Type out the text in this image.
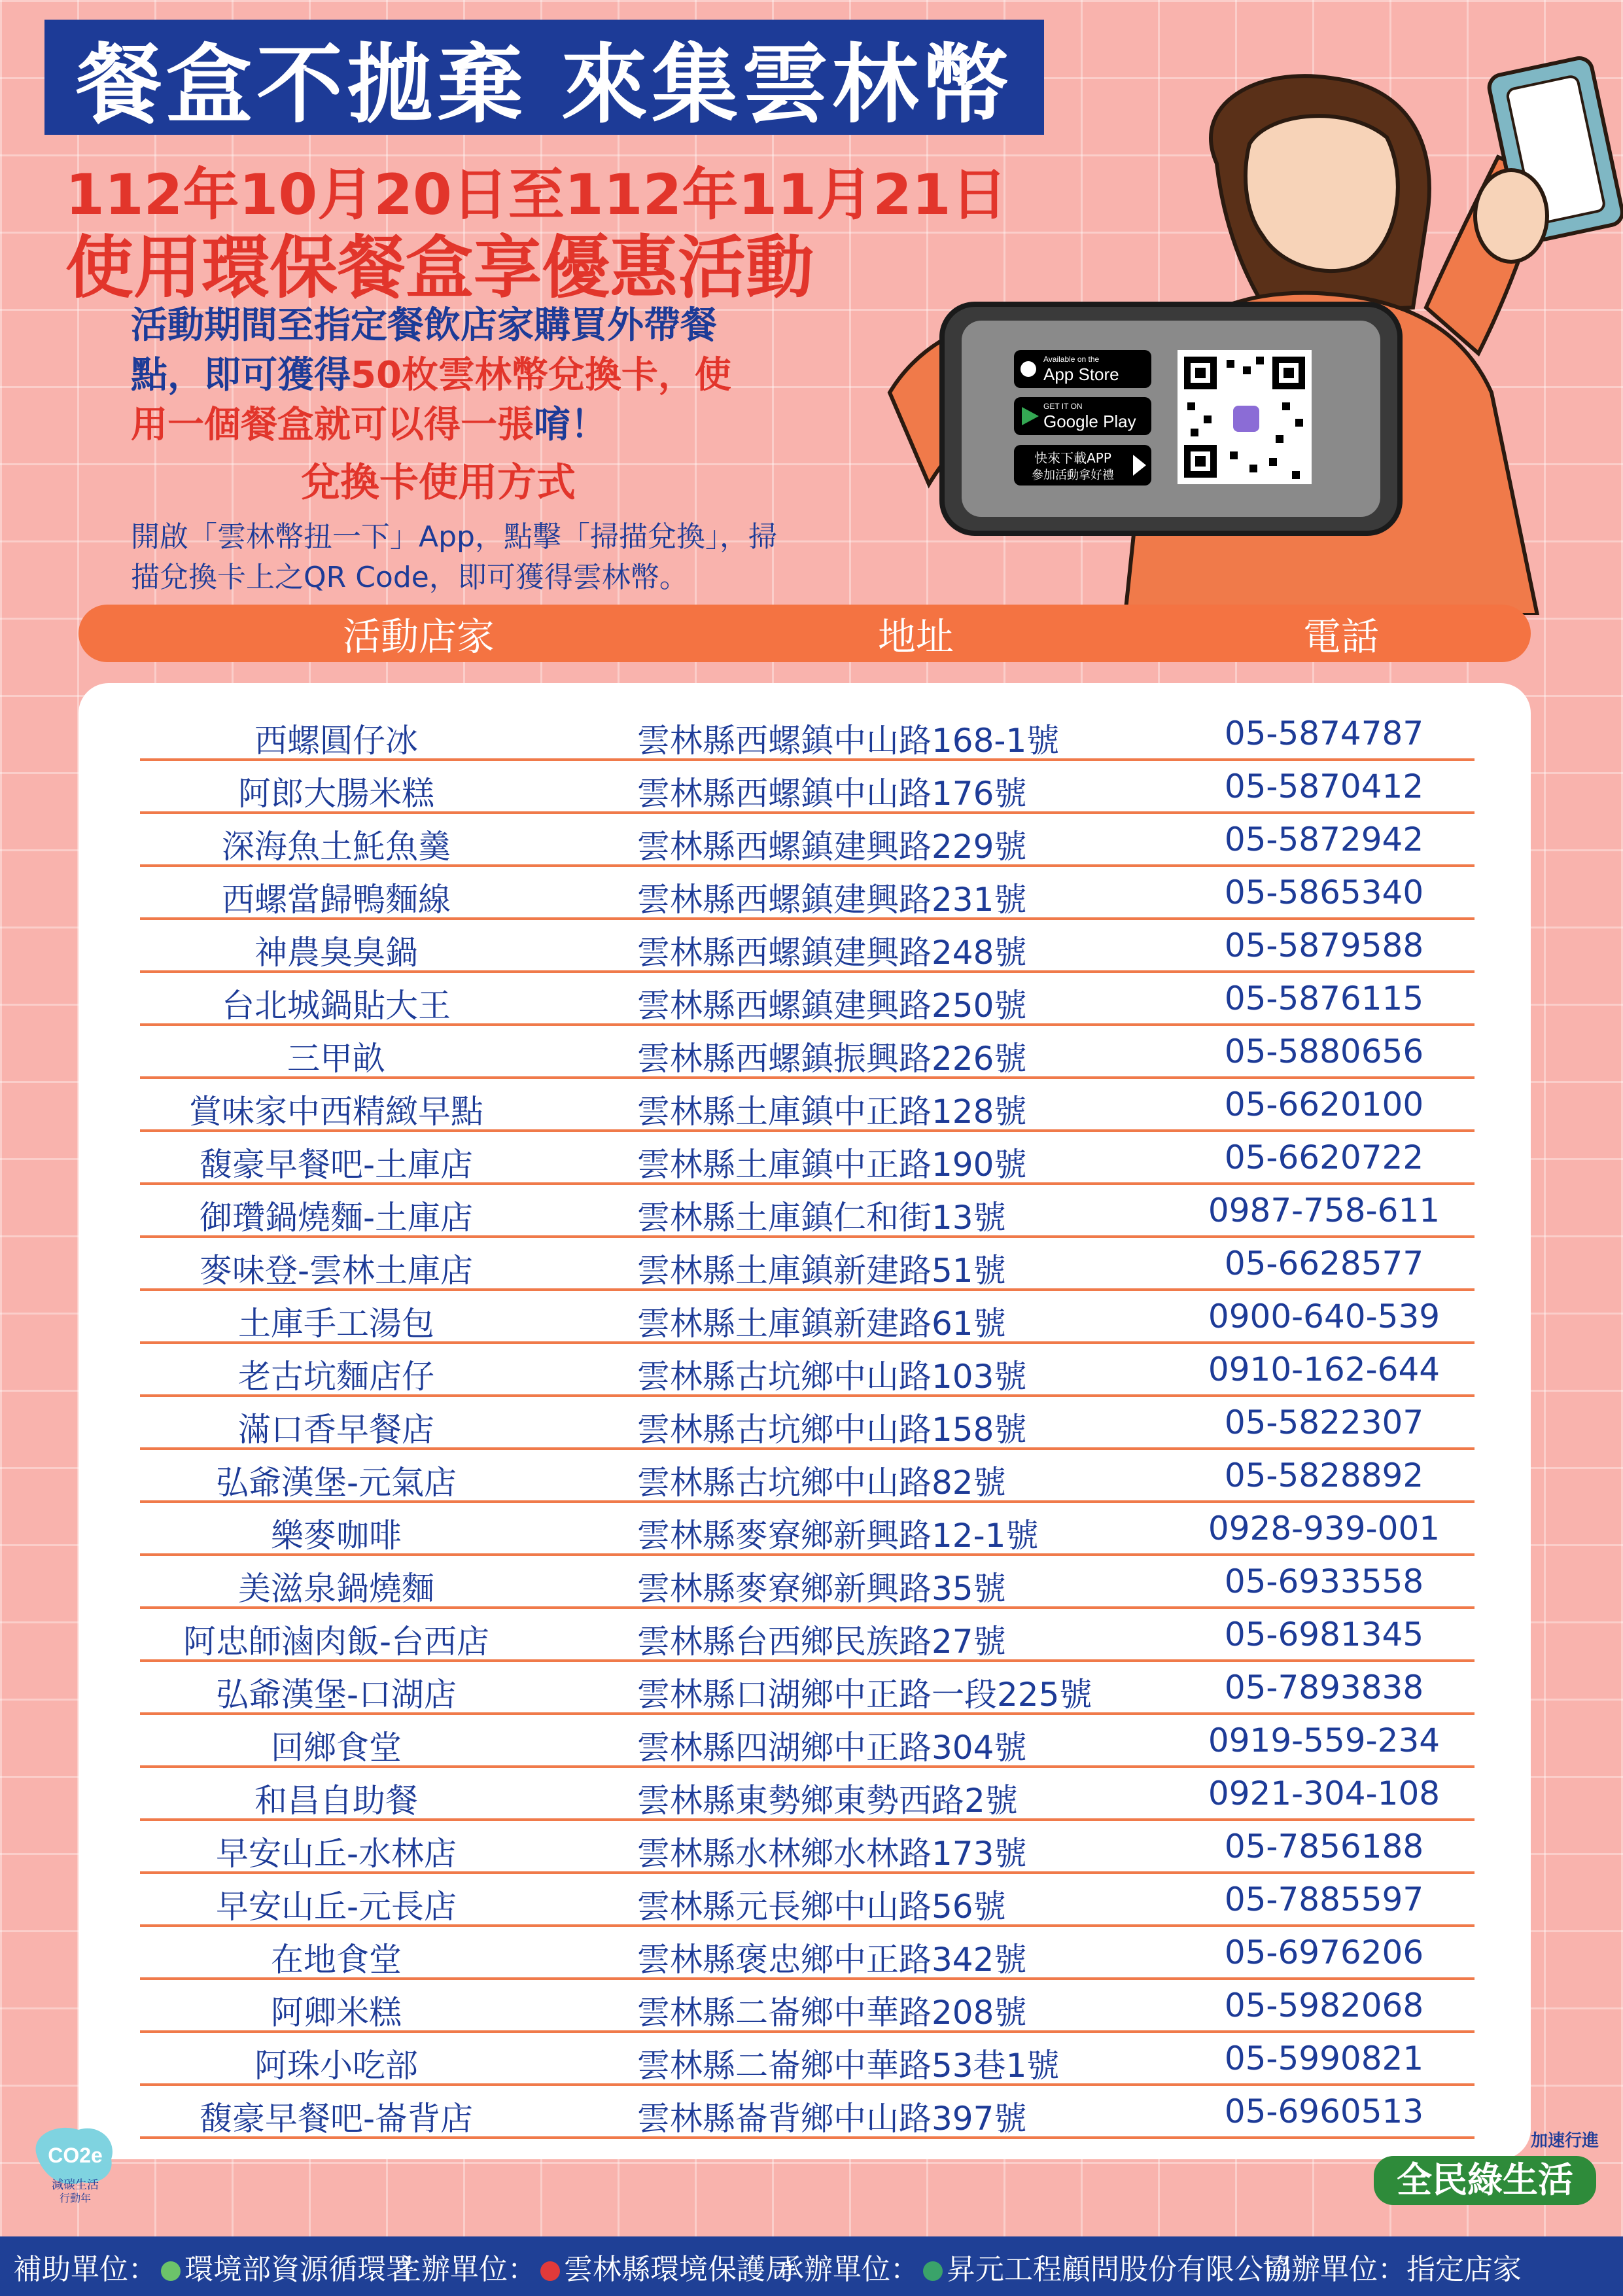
餐盒不拋棄 來集雲林幣
112年10月20日至112年11月21日
使用環保餐盒享優惠活動
活動期間至指定餐飲店家購買外帶餐點，即可獲得50枚雲林幣兌換卡，使用一個餐盒就可以得一張唷！
兌換卡使用方式
開啟「雲林幣扭一下」App，點擊「掃描兌換」，掃描兌換卡上之QR Code，即可獲得雲林幣。
Available on the
App Store
GET IT ON
Google Play
快來下載APP
參加活動拿好禮
活動店家	地址	電話
西螺圓仔冰	雲林縣西螺鎮中山路168-1號	05-5874787
阿郎大腸米糕	雲林縣西螺鎮中山路176號	05-5870412
深海魚土魠魚羹	雲林縣西螺鎮建興路229號	05-5872942
西螺當歸鴨麵線	雲林縣西螺鎮建興路231號	05-5865340
神農臭臭鍋	雲林縣西螺鎮建興路248號	05-5879588
台北城鍋貼大王	雲林縣西螺鎮建興路250號	05-5876115
三甲畝	雲林縣西螺鎮振興路226號	05-5880656
賞味家中西精緻早點	雲林縣土庫鎮中正路128號	05-6620100
馥豪早餐吧-土庫店	雲林縣土庫鎮中正路190號	05-6620722
御瓚鍋燒麵-土庫店	雲林縣土庫鎮仁和街13號	0987-758-611
麥味登-雲林土庫店	雲林縣土庫鎮新建路51號	05-6628577
土庫手工湯包	雲林縣土庫鎮新建路61號	0900-640-539
老古坑麵店仔	雲林縣古坑鄉中山路103號	0910-162-644
滿口香早餐店	雲林縣古坑鄉中山路158號	05-5822307
弘爺漢堡-元氣店	雲林縣古坑鄉中山路82號	05-5828892
樂麥咖啡	雲林縣麥寮鄉新興路12-1號	0928-939-001
美滋泉鍋燒麵	雲林縣麥寮鄉新興路35號	05-6933558
阿忠師滷肉飯-台西店	雲林縣台西鄉民族路27號	05-6981345
弘爺漢堡-口湖店	雲林縣口湖鄉中正路一段225號	05-7893838
回鄉食堂	雲林縣四湖鄉中正路304號	0919-559-234
和昌自助餐	雲林縣東勢鄉東勢西路2號	0921-304-108
早安山丘-水林店	雲林縣水林鄉水林路173號	05-7856188
早安山丘-元長店	雲林縣元長鄉中山路56號	05-7885597
在地食堂	雲林縣褒忠鄉中正路342號	05-6976206
阿卿米糕	雲林縣二崙鄉中華路208號	05-5982068
阿珠小吃部	雲林縣二崙鄉中華路53巷1號	05-5990821
馥豪早餐吧-崙背店	雲林縣崙背鄉中山路397號	05-6960513
CO2e
減碳生活
行動年
加速行進
全民綠生活
補助單位： 環境部資源循環署
主辦單位： 雲林縣環境保護局
承辦單位： 昇元工程顧問股份有限公司
協辦單位：指定店家
